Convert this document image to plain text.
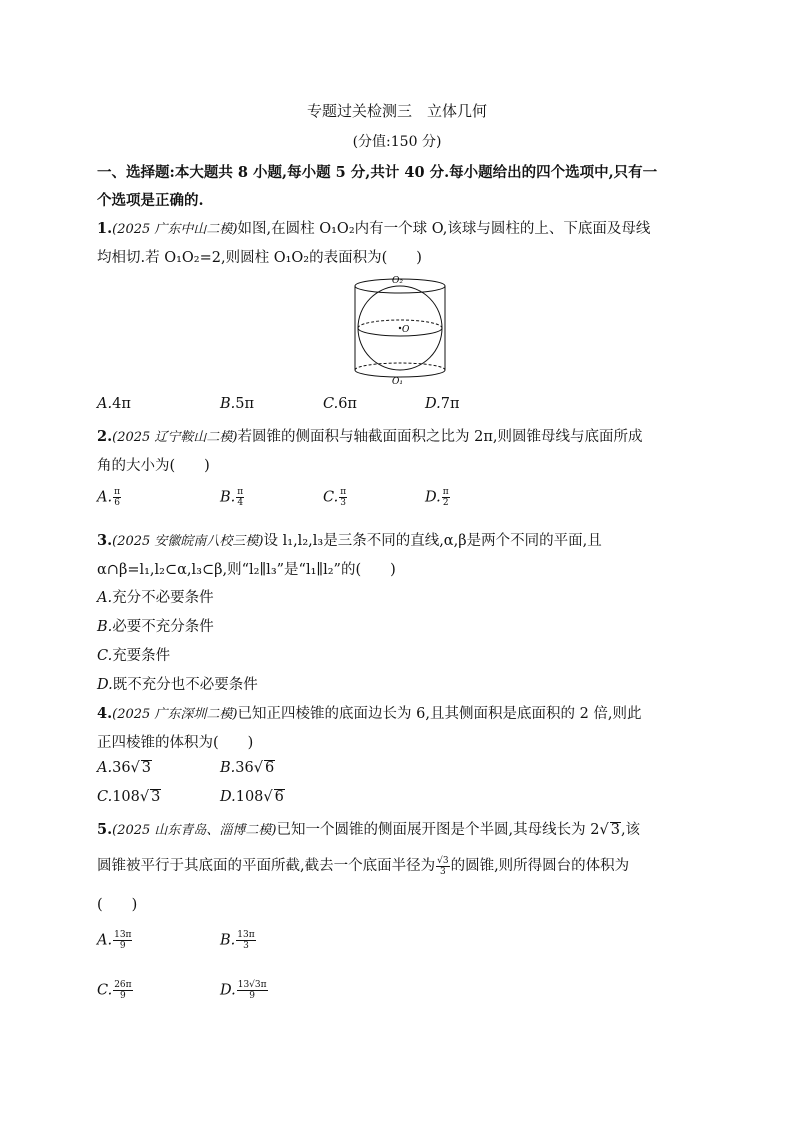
专题过关检测三　立体几何
(分值:150 分)
一、选择题:本大题共 8 小题,每小题 5 分,共计 40 分.每小题给出的四个选项中,只有一
个选项是正确的.
1.(2025 广东中山二模)如图,在圆柱 O₁O₂内有一个球 O,该球与圆柱的上、下底面及母线
均相切.若 O₁O₂=2,则圆柱 O₁O₂的表面积为(　　)
O₂
O
O₁
A.4π	B.5π	C.6π	D.7π
2.(2025 辽宁鞍山二模)若圆锥的侧面积与轴截面面积之比为 2π,则圆锥母线与底面所成
角的大小为(　　)
A. $\frac{\pi}{6}$	B. $\frac{\pi}{4}$	C. $\frac{\pi}{3}$	D. $\frac{\pi}{2}$
3.(2025 安徽皖南八校三模)设 l₁,l₂,l₃是三条不同的直线,α,β是两个不同的平面,且
α∩β=l₁,l₂⊂α,l₃⊂β,则“l₂∥l₃”是“l₁∥l₂”的(　　)
A.充分不必要条件
B.必要不充分条件
C.充要条件
D.既不充分也不必要条件
4.(2025 广东深圳二模)已知正四棱锥的底面边长为 6,且其侧面积是底面积的 2 倍,则此
正四棱锥的体积为(　　)
A.36√ 3	B.36√ 6
C.108√ 3	D.108√ 6
5.(2025 山东青岛、淄博二模)已知一个圆锥的侧面展开图是个半圆,其母线长为 2√ 3,该
圆锥被平行于其底面的平面所截,截去一个底面半径为 $\frac{√3}{3}$ 的圆锥,则所得圆台的体积为
(　　)
A. $\frac{13\pi}{9}$	B. $\frac{13\pi}{3}$
C. $\frac{26\pi}{9}$	D. $\frac{13√3\pi}{9}$
